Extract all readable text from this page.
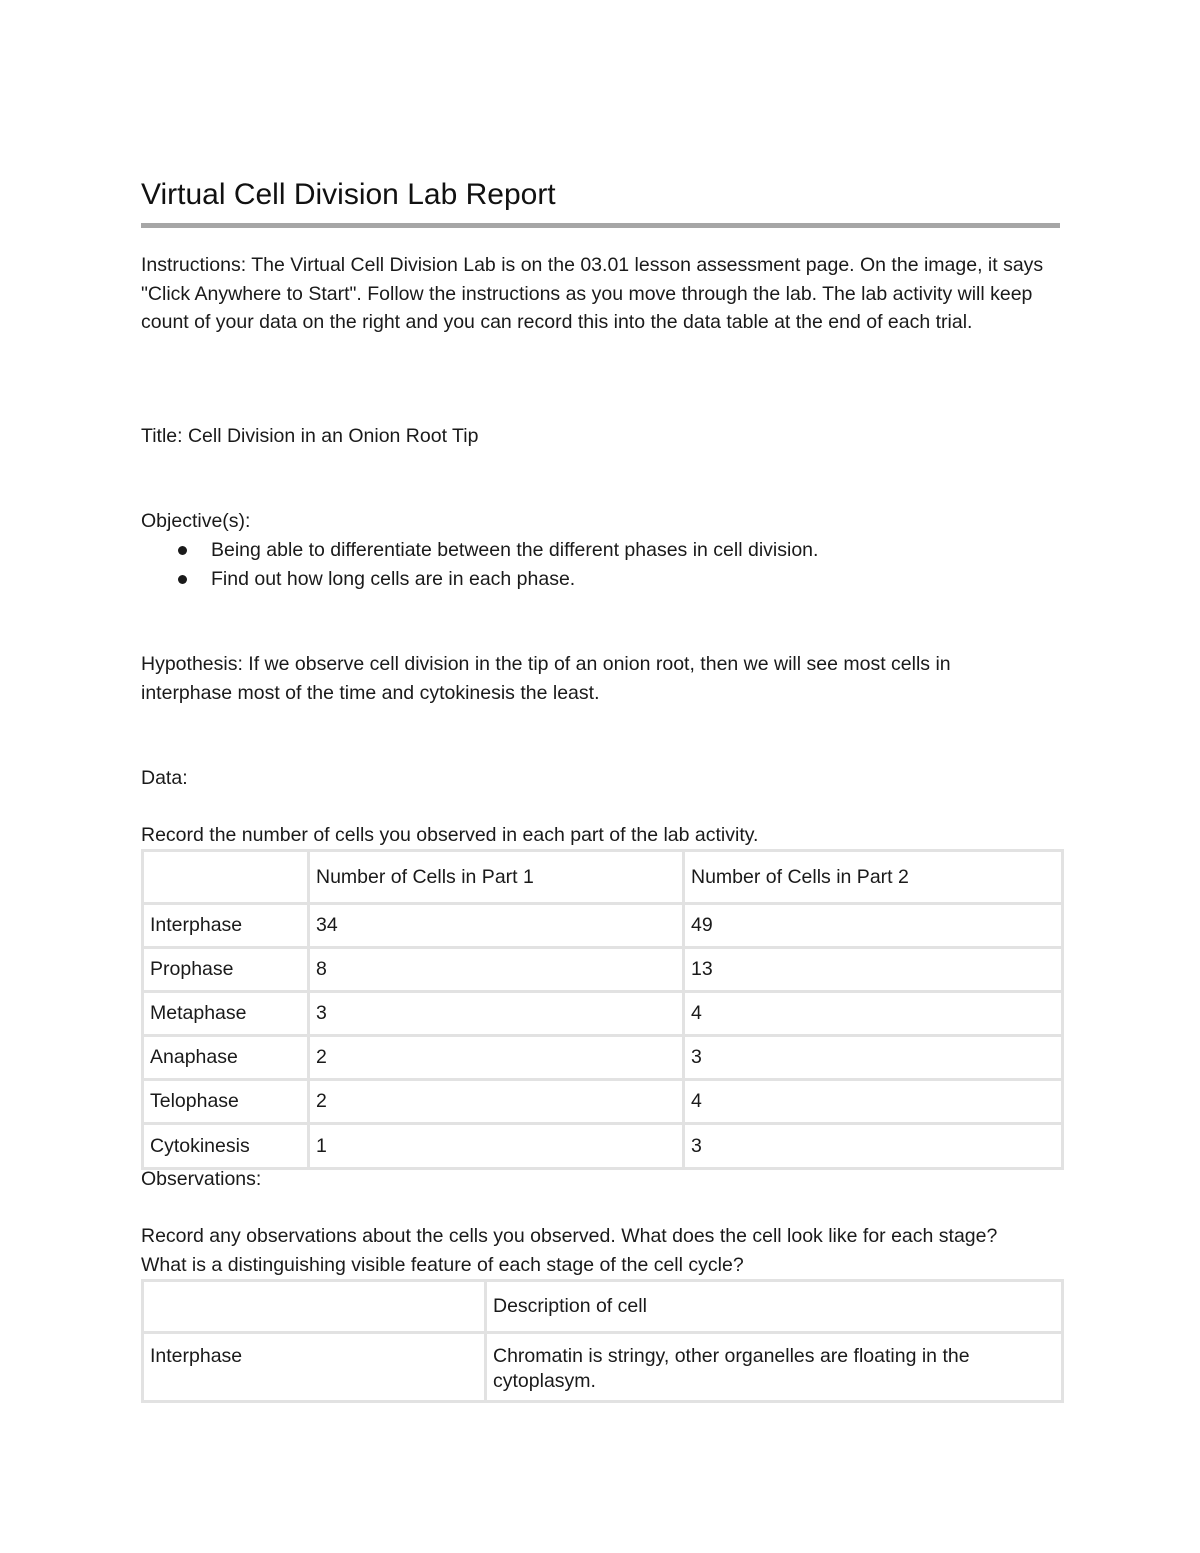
Virtual Cell Division Lab Report

Instructions: The Virtual Cell Division Lab is on the 03.01 lesson assessment page. On the image, it says "Click Anywhere to Start". Follow the instructions as you move through the lab. The lab activity will keep count of your data on the right and you can record this into the data table at the end of each trial.

Title: Cell Division in an Onion Root Tip

Objective(s):

Being able to differentiate between the different phases in cell division.
Find out how long cells are in each phase.

Hypothesis: If we observe cell division in the tip of an onion root, then we will see most cells in interphase most of the time and cytokinesis the least.

Data:

Record the number of cells you observed in each part of the lab activity.

	Number of Cells in Part 1	Number of Cells in Part 2
Interphase	34	49
Prophase	8	13
Metaphase	3	4
Anaphase	2	3
Telophase	2	4
Cytokinesis	1	3

Observations:

Record any observations about the cells you observed. What does the cell look like for each stage? What is a distinguishing visible feature of each stage of the cell cycle?

	Description of cell
Interphase	Chromatin is stringy, other organelles are floating in the cytoplasym.
